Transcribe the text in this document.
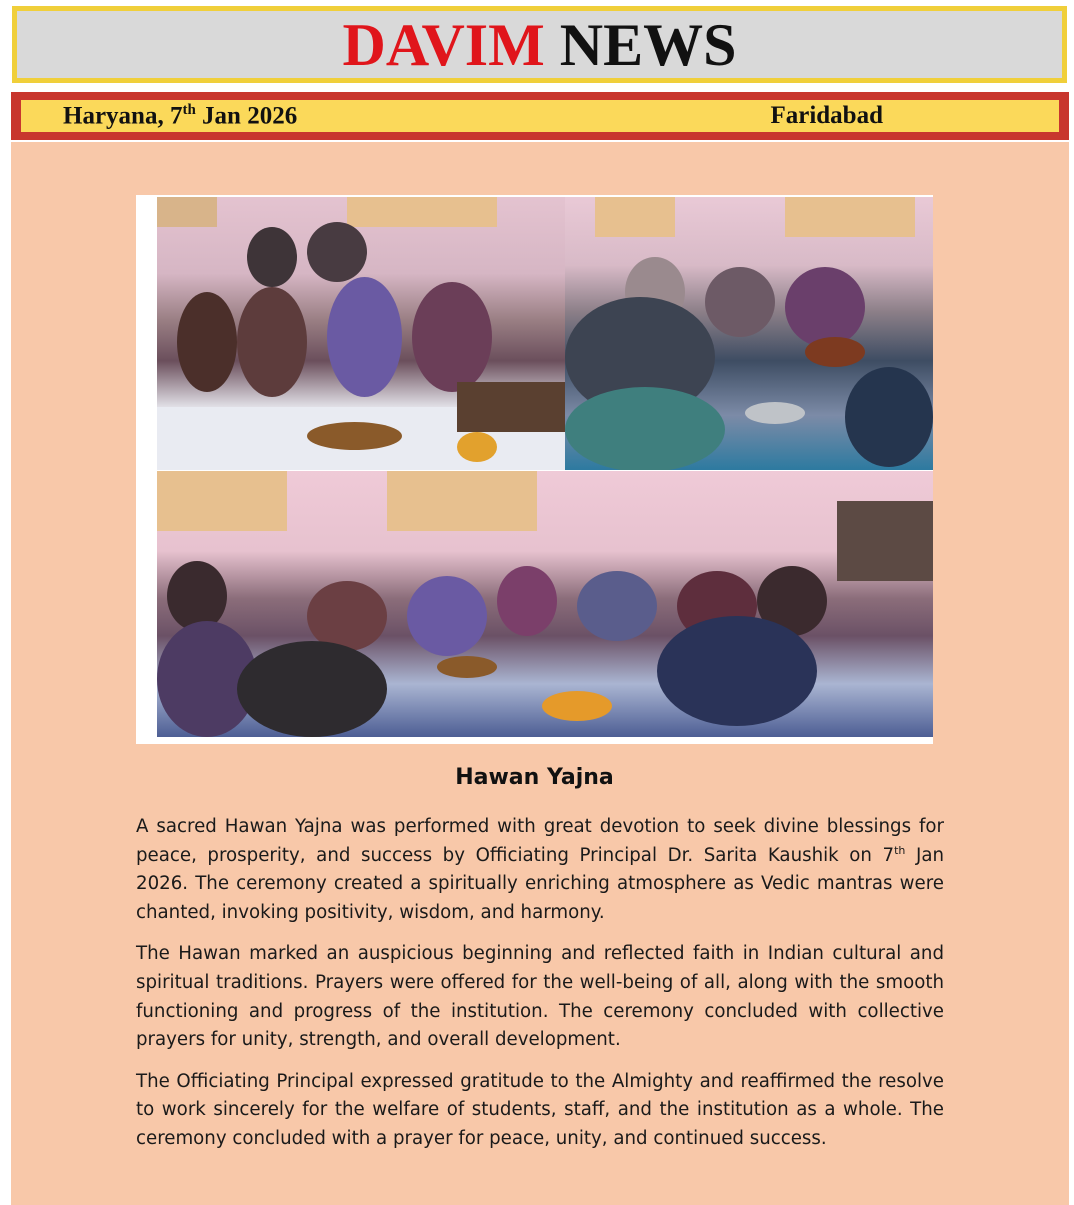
DAVIM NEWS
Haryana, 7th Jan 2026	Faridabad
Hawan Yajna

A sacred Hawan Yajna was performed with great devotion to seek divine blessings for peace, prosperity, and success by Officiating Principal Dr. Sarita Kaushik on 7th Jan 2026. The ceremony created a spiritually enriching atmosphere as Vedic mantras were chanted, invoking positivity, wisdom, and harmony.

The Hawan marked an auspicious beginning and reflected faith in Indian cultural and spiritual traditions. Prayers were offered for the well-being of all, along with the smooth functioning and progress of the institution. The ceremony concluded with collective prayers for unity, strength, and overall development.

The Officiating Principal expressed gratitude to the Almighty and reaffirmed the resolve to work sincerely for the welfare of students, staff, and the institution as a whole. The ceremony concluded with a prayer for peace, unity, and continued success.
